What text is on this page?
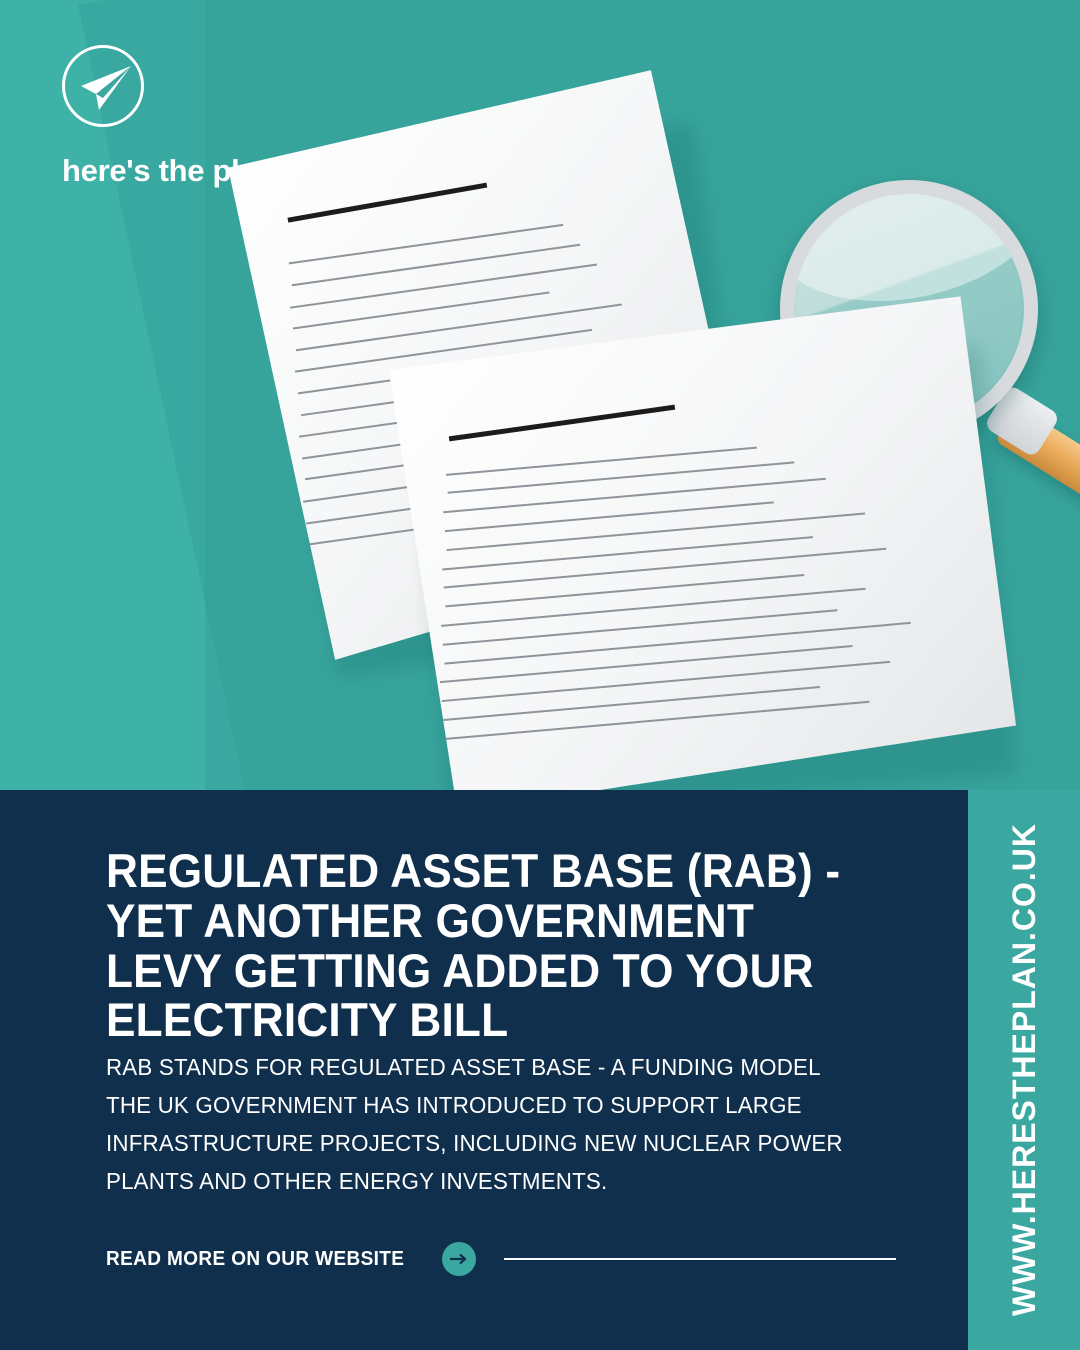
here's the plan
REGULATED ASSET BASE (RAB) - YET ANOTHER GOVERNMENT LEVY GETTING ADDED TO YOUR ELECTRICITY BILL
RAB STANDS FOR REGULATED ASSET BASE - A FUNDING MODEL THE UK GOVERNMENT HAS INTRODUCED TO SUPPORT LARGE INFRASTRUCTURE PROJECTS, INCLUDING NEW NUCLEAR POWER PLANTS AND OTHER ENERGY INVESTMENTS.
READ MORE ON OUR WEBSITE	WWW.HERESTHEPLAN.CO.UK
